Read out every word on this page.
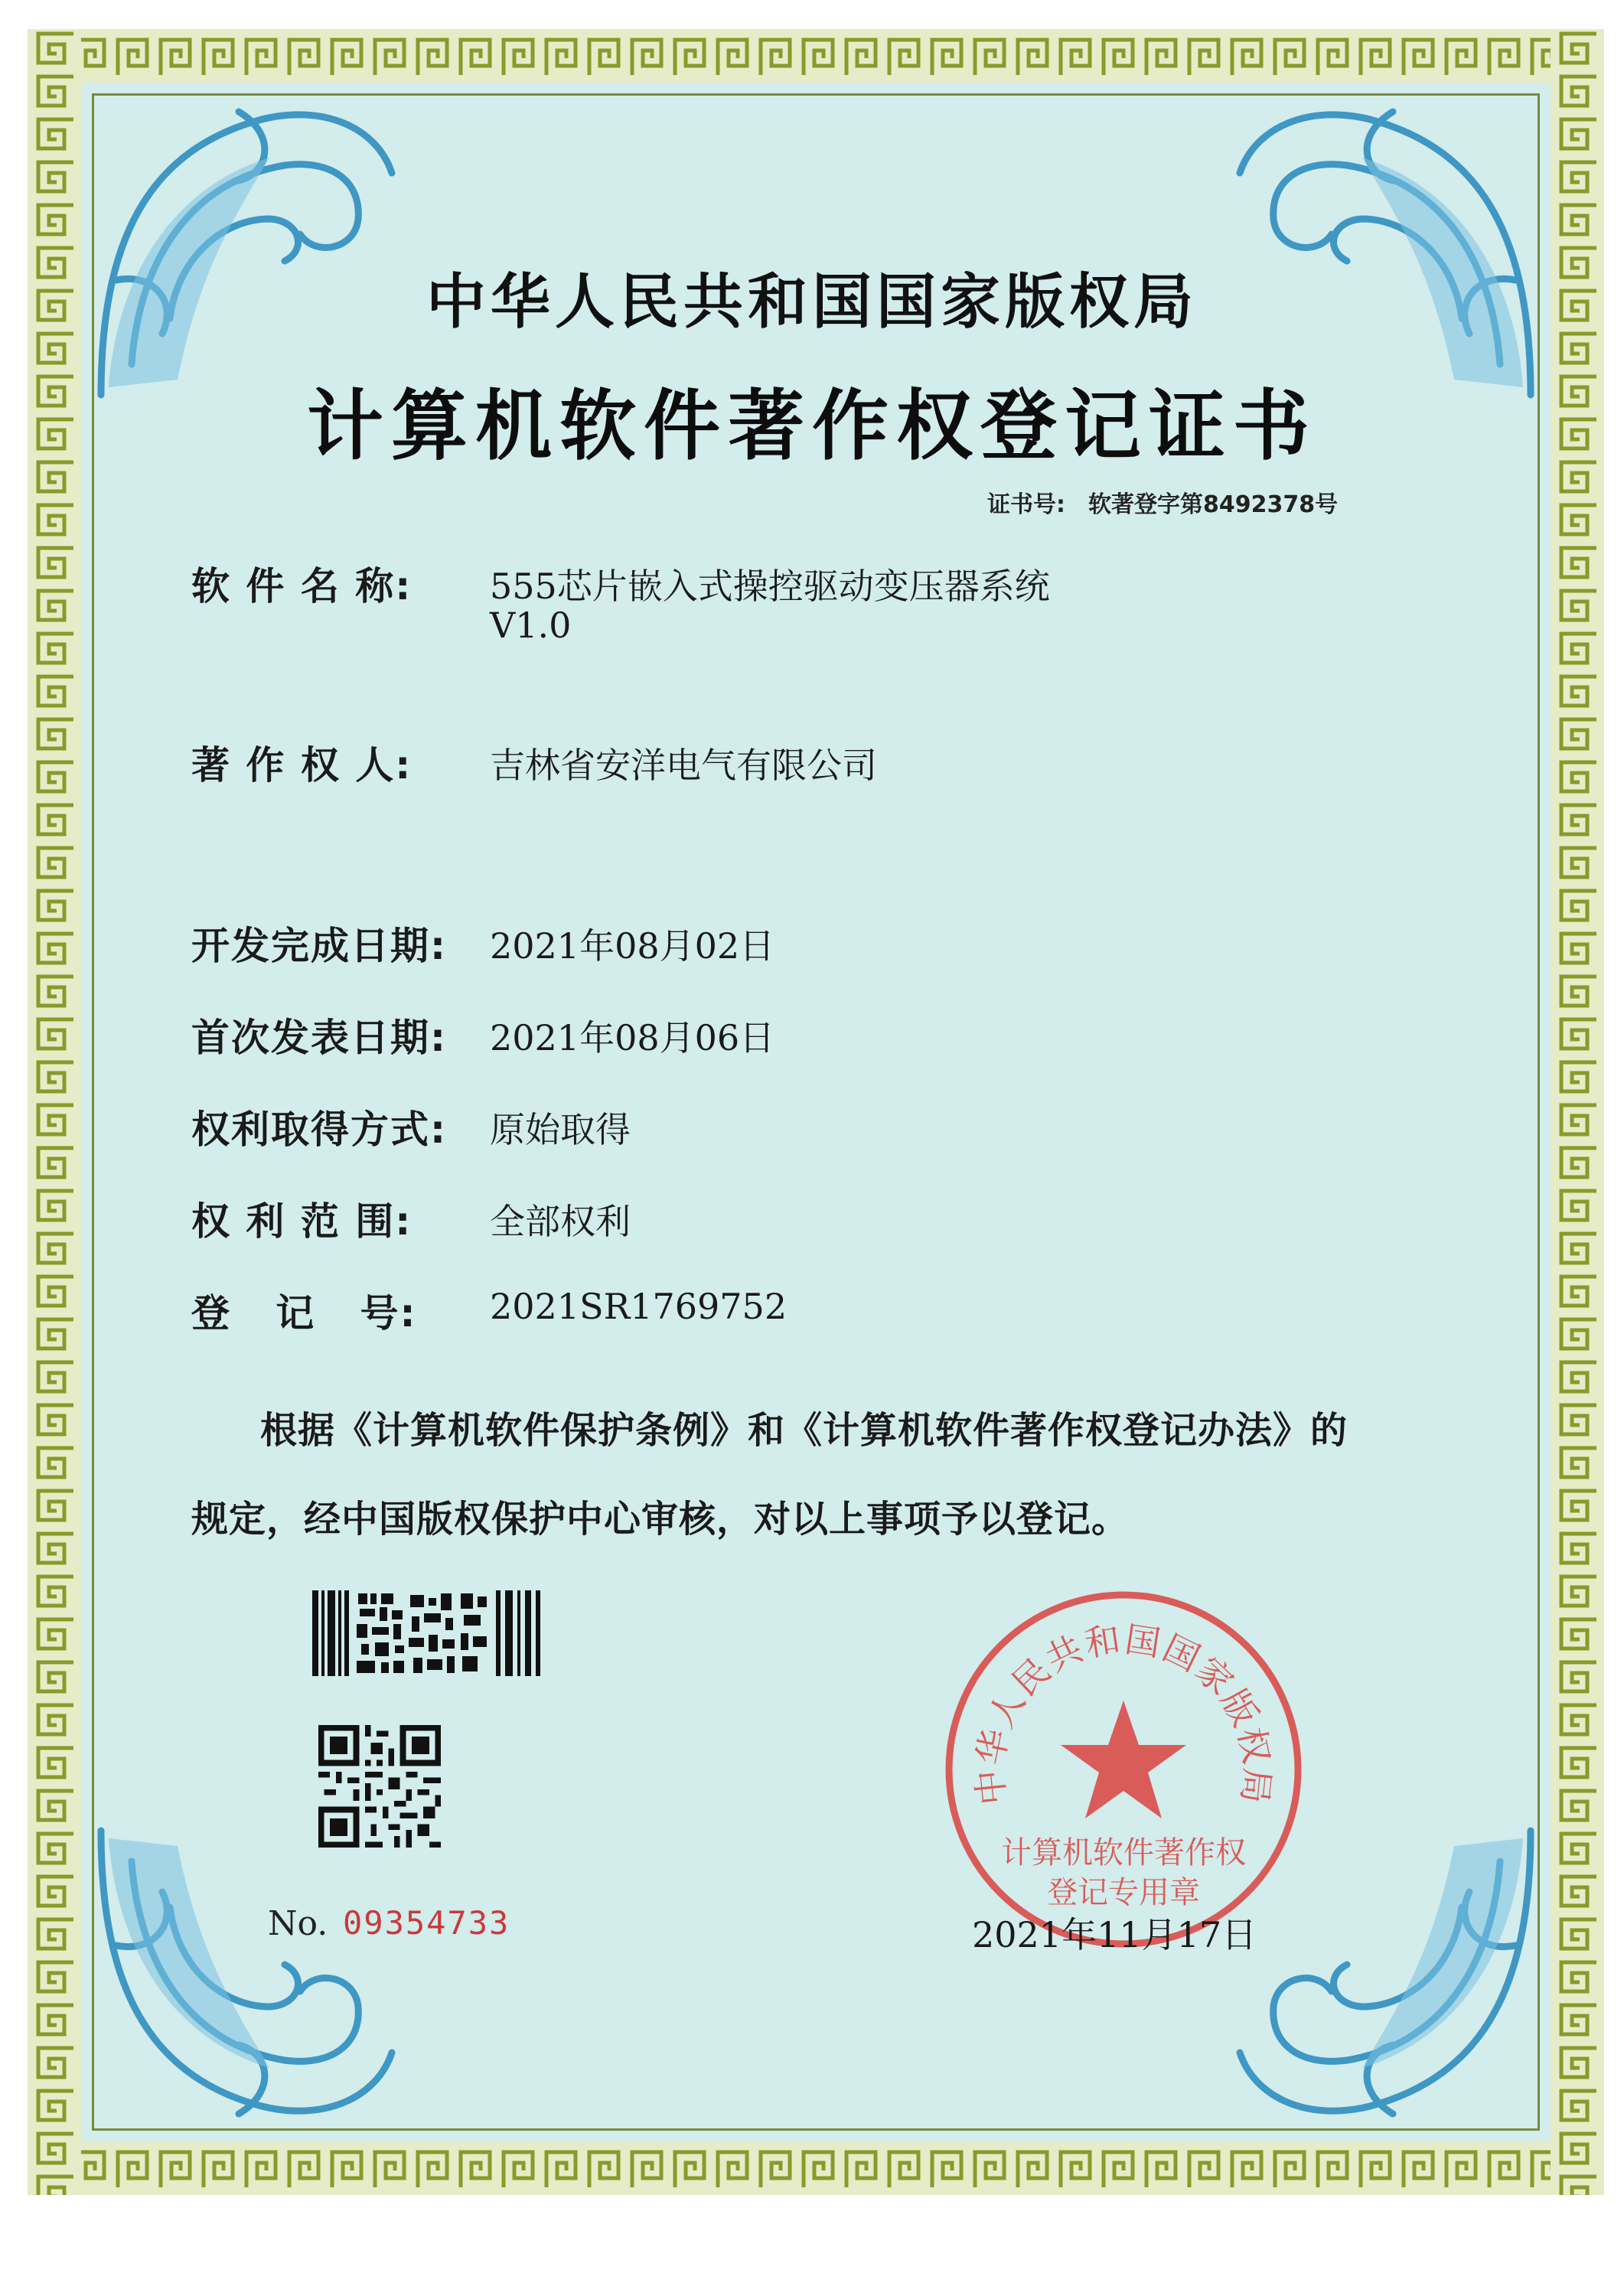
中华人民共和国国家版权局
计算机软件著作权登记证书
证书号: 软著登字第8492378号
软 件 名 称: 555芯片嵌入式操控驱动变压器系统
V1.0
著 作 权 人: 吉林省安洋电气有限公司
开发完成日期: 2021年08月02日
首次发表日期: 2021年08月06日
权利取得方式: 原始取得
权 利 范 围: 全部权利
登   记   号: 2021SR1769752
根据《计算机软件保护条例》和《计算机软件著作权登记办法》的
规定，经中国版权保护中心审核，对以上事项予以登记。
No. 09354733
中华人民共和国国家版权局
计算机软件著作权
登记专用章
2021年11月17日
